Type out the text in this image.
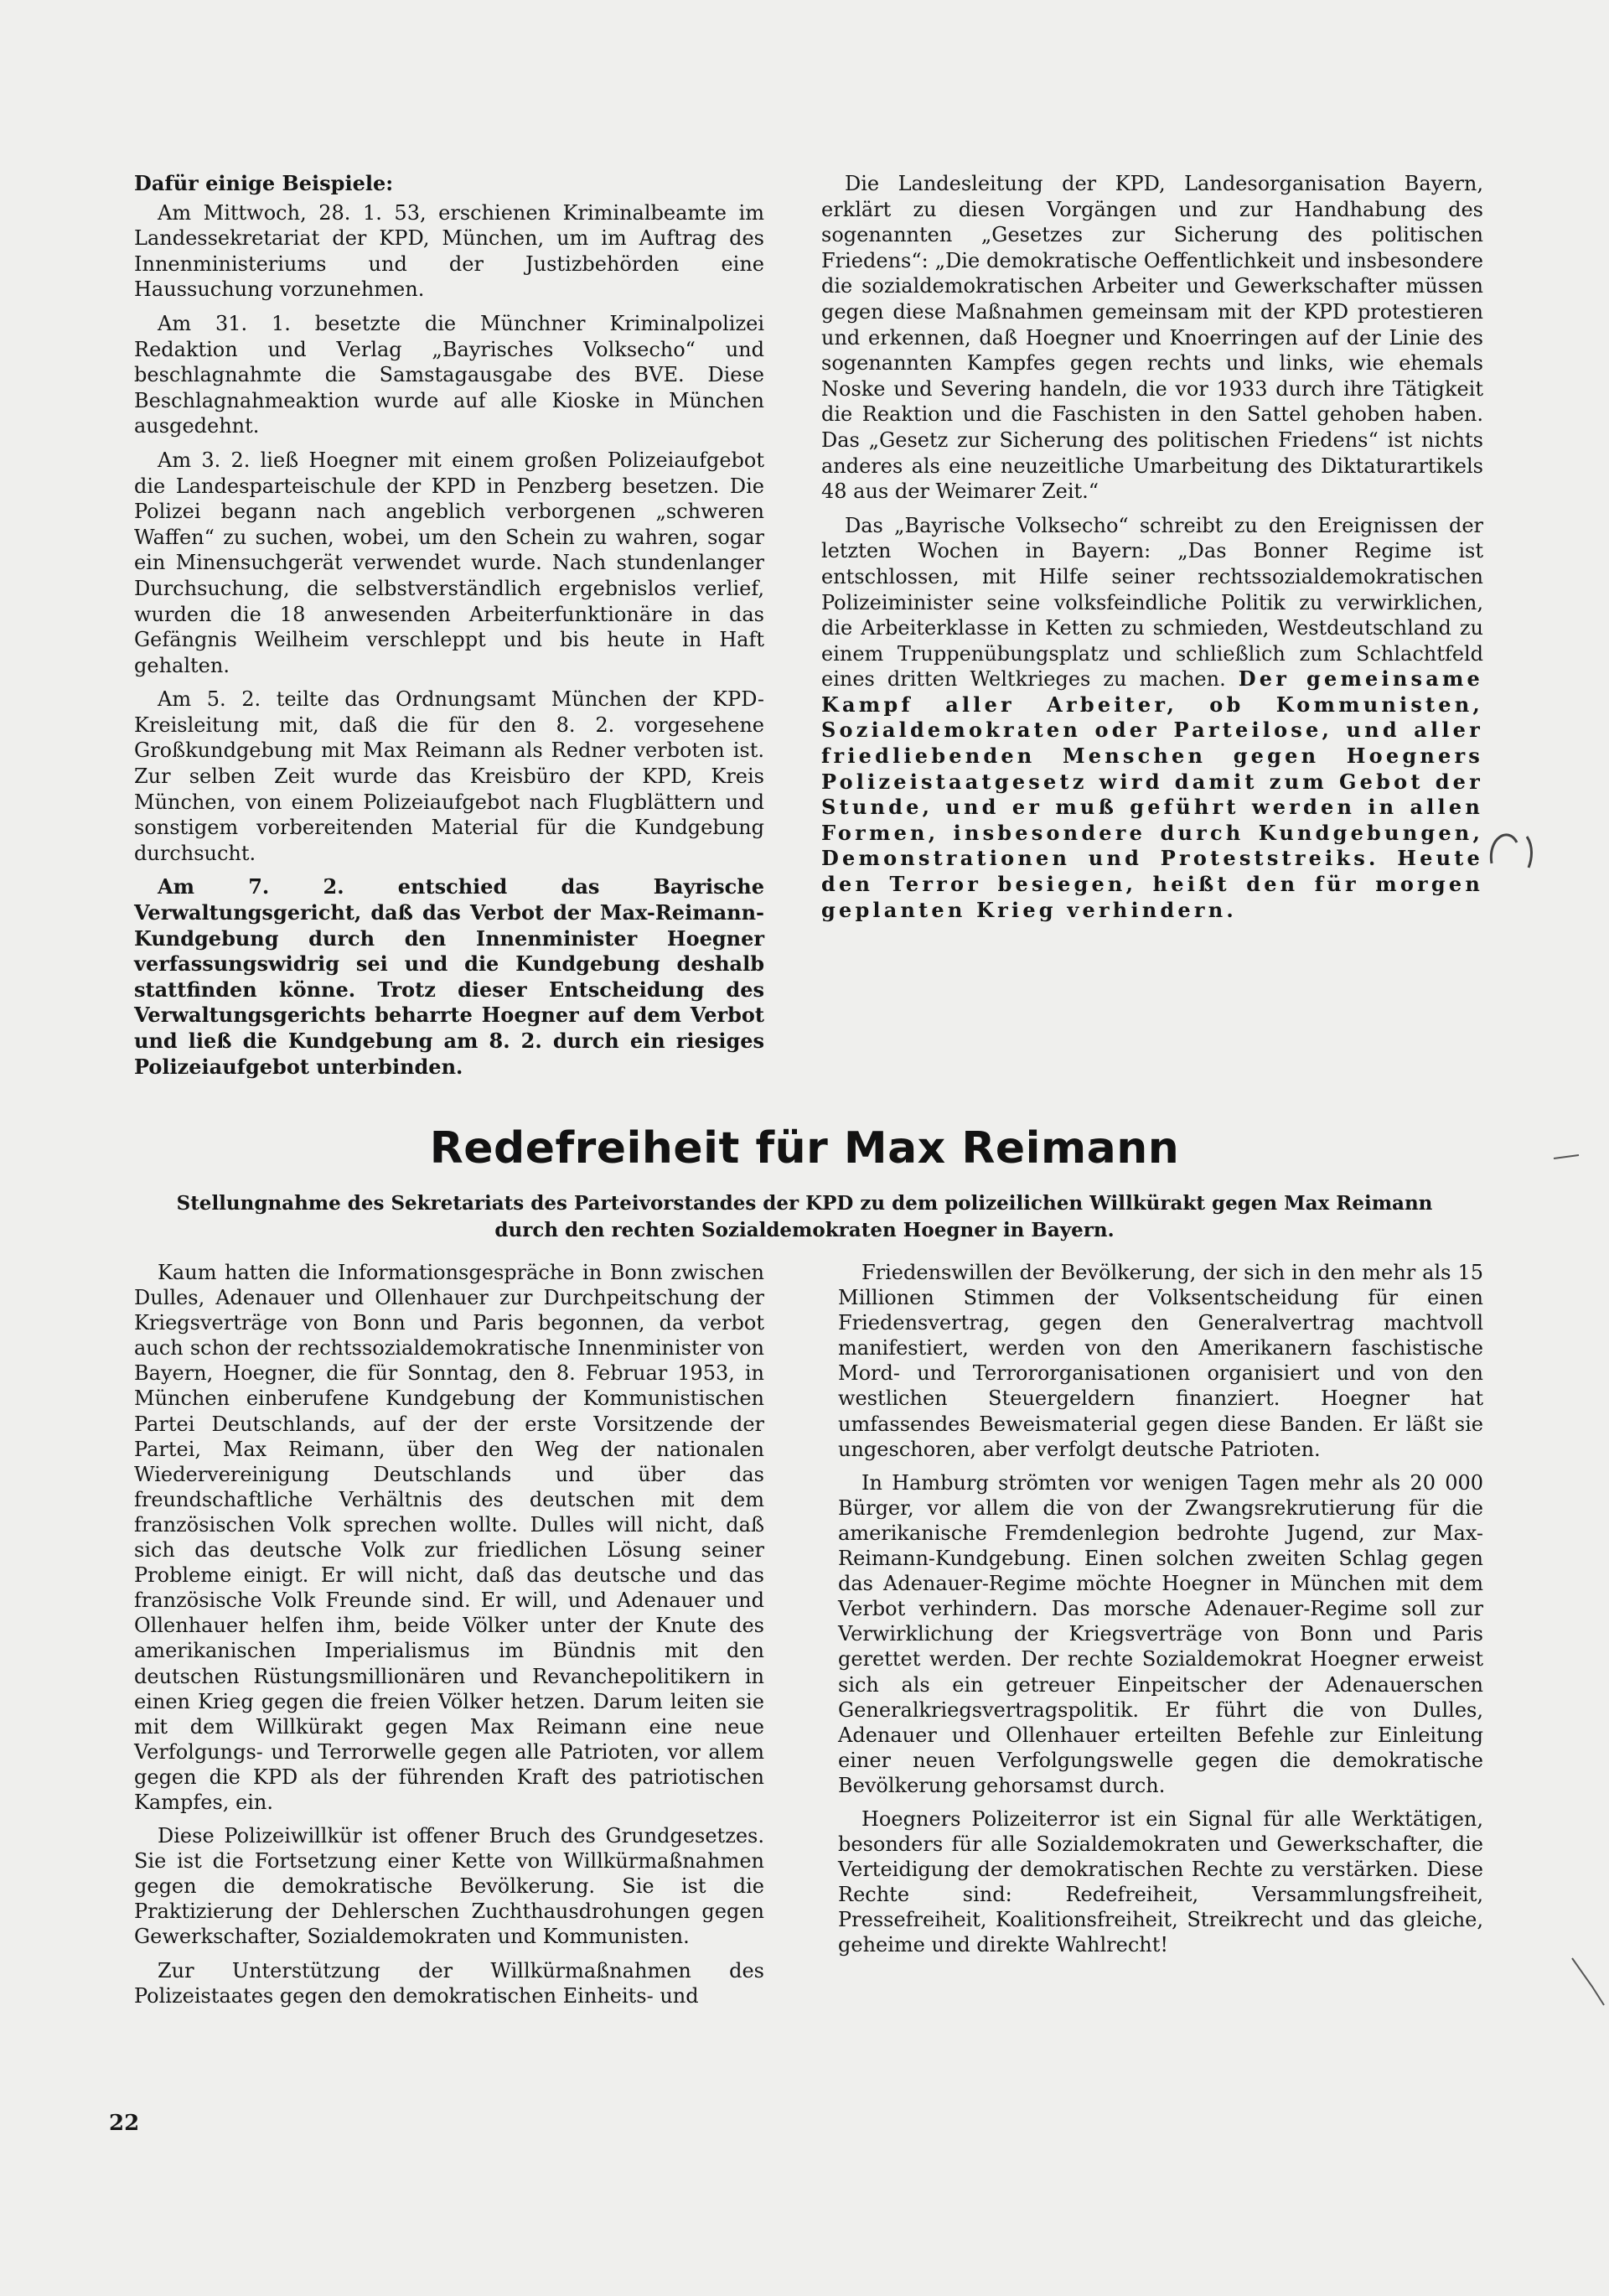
Dafür einige Beispiele:

Am Mittwoch, 28. 1. 53, erschienen Kriminalbeamte im Landessekretariat der KPD, München, um im Auftrag des Innenministeriums und der Justizbehörden eine Haussuchung vorzunehmen.

Am 31. 1. besetzte die Münchner Kriminalpolizei Redaktion und Verlag „Bayrisches Volksecho“ und beschlagnahmte die Samstagausgabe des BVE. Diese Beschlagnahmeaktion wurde auf alle Kioske in München ausgedehnt.

Am 3. 2. ließ Hoegner mit einem großen Polizeiaufgebot die Landesparteischule der KPD in Penzberg besetzen. Die Polizei begann nach angeblich verborgenen „schweren Waffen“ zu suchen, wobei, um den Schein zu wahren, sogar ein Minensuchgerät verwendet wurde. Nach stundenlanger Durchsuchung, die selbstverständlich ergebnislos verlief, wurden die 18 anwesenden Arbeiterfunktionäre in das Gefängnis Weilheim verschleppt und bis heute in Haft gehalten.

Am 5. 2. teilte das Ordnungsamt München der KPD-Kreisleitung mit, daß die für den 8. 2. vorgesehene Großkundgebung mit Max Reimann als Redner verboten ist. Zur selben Zeit wurde das Kreisbüro der KPD, Kreis München, von einem Polizeiaufgebot nach Flugblättern und sonstigem vorbereitenden Material für die Kundgebung durchsucht.

Am 7. 2. entschied das Bayrische Verwaltungsgericht, daß das Verbot der Max-Reimann-Kundgebung durch den Innenminister Hoegner verfassungswidrig sei und die Kundgebung deshalb stattfinden könne. Trotz dieser Entscheidung des Verwaltungsgerichts beharrte Hoegner auf dem Verbot und ließ die Kundgebung am 8. 2. durch ein riesiges Polizeiaufgebot unterbinden.

Die Landesleitung der KPD, Landesorganisation Bayern, erklärt zu diesen Vorgängen und zur Handhabung des sogenannten „Gesetzes zur Sicherung des politischen Friedens“: „Die demokratische Oeffentlichkeit und insbesondere die sozialdemokratischen Arbeiter und Gewerkschafter müssen gegen diese Maßnahmen gemeinsam mit der KPD protestieren und erkennen, daß Hoegner und Knoerringen auf der Linie des sogenannten Kampfes gegen rechts und links, wie ehemals Noske und Severing handeln, die vor 1933 durch ihre Tätigkeit die Reaktion und die Faschisten in den Sattel gehoben haben. Das „Gesetz zur Sicherung des politischen Friedens“ ist nichts anderes als eine neuzeitliche Umarbeitung des Diktaturartikels 48 aus der Weimarer Zeit.“

Das „Bayrische Volksecho“ schreibt zu den Ereignissen der letzten Wochen in Bayern: „Das Bonner Regime ist entschlossen, mit Hilfe seiner rechtssozialdemokratischen Polizeiminister seine volksfeindliche Politik zu verwirklichen, die Arbeiterklasse in Ketten zu schmieden, Westdeutschland zu einem Truppenübungsplatz und schließlich zum Schlachtfeld eines dritten Weltkrieges zu machen. Der gemeinsame Kampf aller Arbeiter, ob Kommunisten, Sozialdemokraten oder Parteilose, und aller friedliebenden Menschen gegen Hoegners Polizeistaatgesetz wird damit zum Gebot der Stunde, und er muß geführt werden in allen Formen, insbesondere durch Kundgebungen, Demonstrationen und Proteststreiks. Heute den Terror besiegen, heißt den für morgen geplanten Krieg verhindern.

Redefreiheit für Max Reimann
Stellungnahme des Sekretariats des Parteivorstandes der KPD zu dem polizeilichen Willkürakt gegen Max Reimann durch den rechten Sozialdemokraten Hoegner in Bayern.

Kaum hatten die Informationsgespräche in Bonn zwischen Dulles, Adenauer und Ollenhauer zur Durchpeitschung der Kriegsverträge von Bonn und Paris begonnen, da verbot auch schon der rechtssozialdemokratische Innenminister von Bayern, Hoegner, die für Sonntag, den 8. Februar 1953, in München einberufene Kundgebung der Kommunistischen Partei Deutschlands, auf der der erste Vorsitzende der Partei, Max Reimann, über den Weg der nationalen Wiedervereinigung Deutschlands und über das freundschaftliche Verhältnis des deutschen mit dem französischen Volk sprechen wollte. Dulles will nicht, daß sich das deutsche Volk zur friedlichen Lösung seiner Probleme einigt. Er will nicht, daß das deutsche und das französische Volk Freunde sind. Er will, und Adenauer und Ollenhauer helfen ihm, beide Völker unter der Knute des amerikanischen Imperialismus im Bündnis mit den deutschen Rüstungsmillionären und Revanchepolitikern in einen Krieg gegen die freien Völker hetzen. Darum leiten sie mit dem Willkürakt gegen Max Reimann eine neue Verfolgungs- und Terrorwelle gegen alle Patrioten, vor allem gegen die KPD als der führenden Kraft des patriotischen Kampfes, ein.

Diese Polizeiwillkür ist offener Bruch des Grundgesetzes. Sie ist die Fortsetzung einer Kette von Willkürmaßnahmen gegen die demokratische Bevölkerung. Sie ist die Praktizierung der Dehlerschen Zuchthausdrohungen gegen Gewerkschafter, Sozialdemokraten und Kommunisten.

Zur Unterstützung der Willkürmaßnahmen des Polizeistaates gegen den demokratischen Einheits- und

Friedenswillen der Bevölkerung, der sich in den mehr als 15 Millionen Stimmen der Volksentscheidung für einen Friedensvertrag, gegen den Generalvertrag machtvoll manifestiert, werden von den Amerikanern faschistische Mord- und Terrororganisationen organisiert und von den westlichen Steuergeldern finanziert. Hoegner hat umfassendes Beweismaterial gegen diese Banden. Er läßt sie ungeschoren, aber verfolgt deutsche Patrioten.

In Hamburg strömten vor wenigen Tagen mehr als 20 000 Bürger, vor allem die von der Zwangsrekrutierung für die amerikanische Fremdenlegion bedrohte Jugend, zur Max-Reimann-Kundgebung. Einen solchen zweiten Schlag gegen das Adenauer-Regime möchte Hoegner in München mit dem Verbot verhindern. Das morsche Adenauer-Regime soll zur Verwirklichung der Kriegsverträge von Bonn und Paris gerettet werden. Der rechte Sozialdemokrat Hoegner erweist sich als ein getreuer Einpeitscher der Adenauerschen Generalkriegsvertragspolitik. Er führt die von Dulles, Adenauer und Ollenhauer erteilten Befehle zur Einleitung einer neuen Verfolgungswelle gegen die demokratische Bevölkerung gehorsamst durch.

Hoegners Polizeiterror ist ein Signal für alle Werktätigen, besonders für alle Sozialdemokraten und Gewerkschafter, die Verteidigung der demokratischen Rechte zu verstärken. Diese Rechte sind: Redefreiheit, Versammlungsfreiheit, Pressefreiheit, Koalitionsfreiheit, Streikrecht und das gleiche, geheime und direkte Wahlrecht!

22
